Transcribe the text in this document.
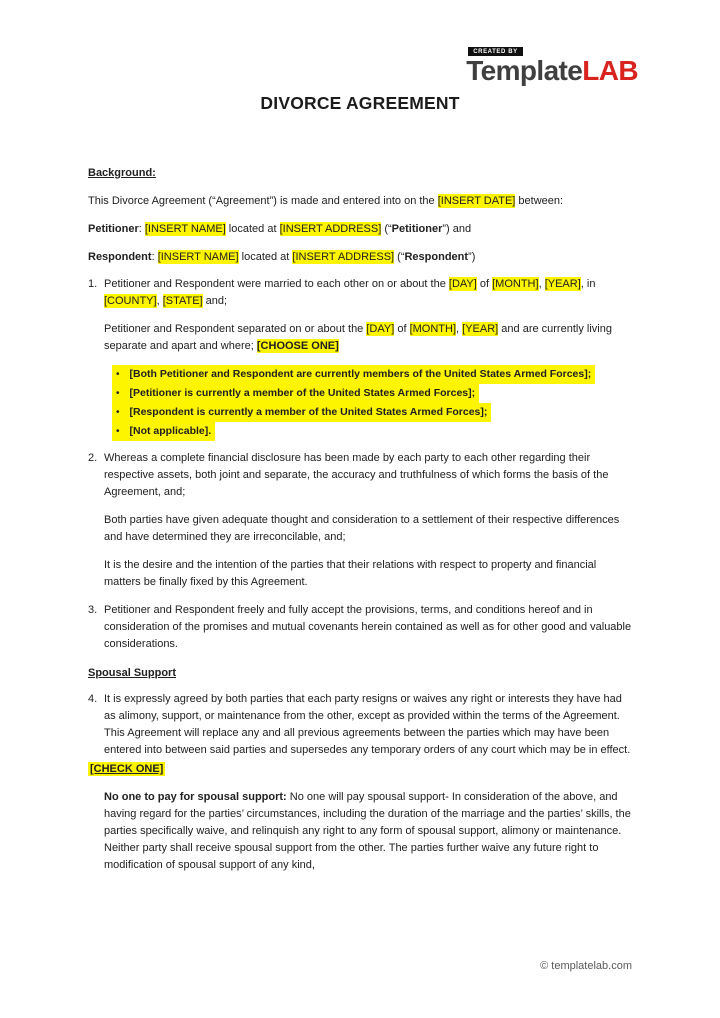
CREATED BY
TemplateLAB
DIVORCE AGREEMENT
Background:

This Divorce Agreement (“Agreement”) is made and entered into on the [INSERT DATE] between:

Petitioner: [INSERT NAME] located at [INSERT ADDRESS] (“Petitioner”) and

Respondent: [INSERT NAME] located at [INSERT ADDRESS] (“Respondent”)

1. Petitioner and Respondent were married to each other on or about the [DAY] of [MONTH], [YEAR], in [COUNTY], [STATE] and;

Petitioner and Respondent separated on or about the [DAY] of [MONTH], [YEAR] and are currently living separate and apart and where; [CHOOSE ONE]

• [Both Petitioner and Respondent are currently members of the United States Armed Forces];
• [Petitioner is currently a member of the United States Armed Forces];
• [Respondent is currently a member of the United States Armed Forces];
• [Not applicable].
2. Whereas a complete financial disclosure has been made by each party to each other regarding their respective assets, both joint and separate, the accuracy and truthfulness of which forms the basis of the Agreement, and;

Both parties have given adequate thought and consideration to a settlement of their respective differences and have determined they are irreconcilable, and;

It is the desire and the intention of the parties that their relations with respect to property and financial matters be finally fixed by this Agreement.

3. Petitioner and Respondent freely and fully accept the provisions, terms, and conditions hereof and in consideration of the promises and mutual covenants herein contained as well as for other good and valuable considerations.
Spousal Support
4. It is expressly agreed by both parties that each party resigns or waives any right or interests they have had as alimony, support, or maintenance from the other, except as provided within the terms of the Agreement. This Agreement will replace any and all previous agreements between the parties which may have been entered into between said parties and supersedes any temporary orders of any court which may be in effect.

[CHECK ONE]

No one to pay for spousal support: No one will pay spousal support- In consideration of the above, and having regard for the parties’ circumstances, including the duration of the marriage and the parties’ skills, the parties specifically waive, and relinquish any right to any form of spousal support, alimony or maintenance. Neither party shall receive spousal support from the other. The parties further waive any future right to modification of spousal support of any kind,

© templatelab.com
